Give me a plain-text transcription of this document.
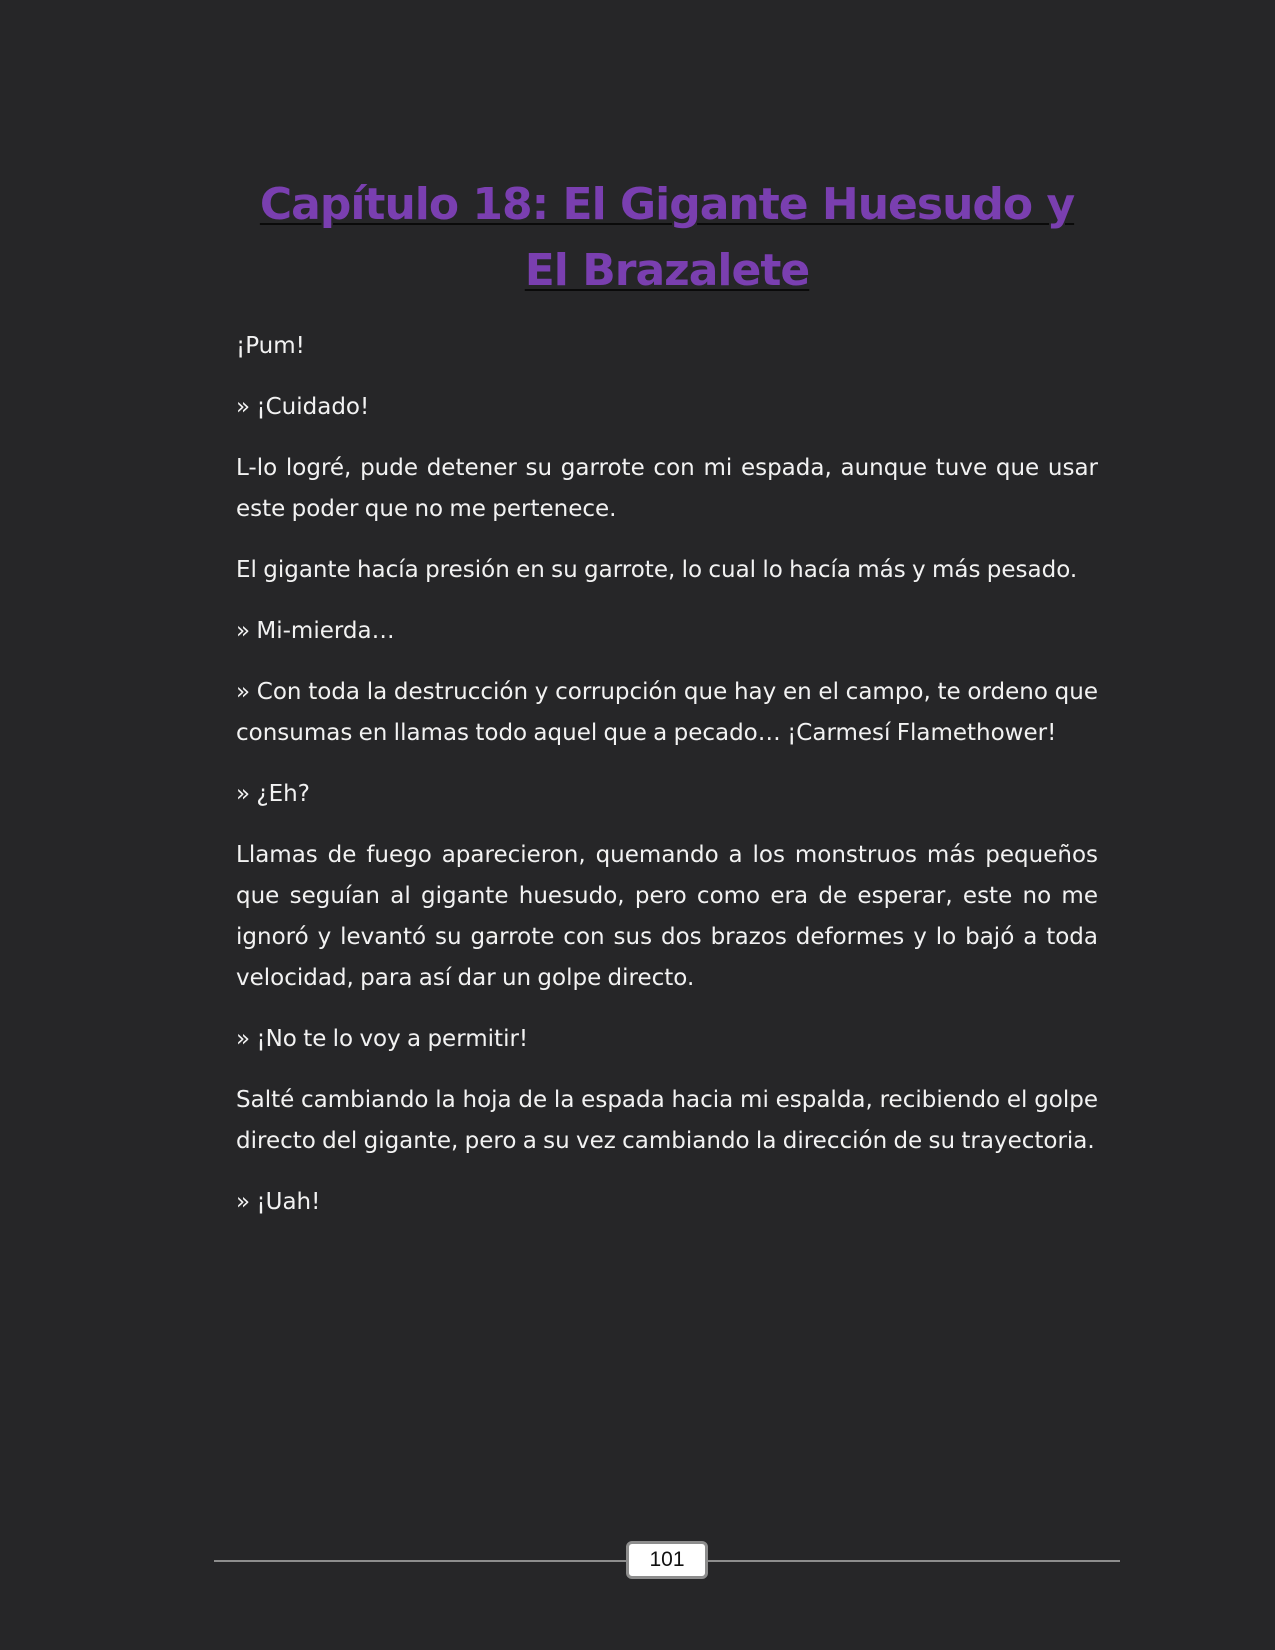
Capítulo 18: El Gigante Huesudo y El Brazalete

¡Pum!

» ¡Cuidado!

L-lo logré, pude detener su garrote con mi espada, aunque tuve que usar este poder que no me pertenece.

El gigante hacía presión en su garrote, lo cual lo hacía más y más pesado.

» Mi-mierda…

» Con toda la destrucción y corrupción que hay en el campo, te ordeno que consumas en llamas todo aquel que a pecado… ¡Carmesí Flamethower!

» ¿Eh?

Llamas de fuego aparecieron, quemando a los monstruos más pequeños que seguían al gigante huesudo, pero como era de esperar, este no me ignoró y levantó su garrote con sus dos brazos deformes y lo bajó a toda velocidad, para así dar un golpe directo.

» ¡No te lo voy a permitir!

Salté cambiando la hoja de la espada hacia mi espalda, recibiendo el golpe directo del gigante, pero a su vez cambiando la dirección de su trayectoria.

» ¡Uah!

101
